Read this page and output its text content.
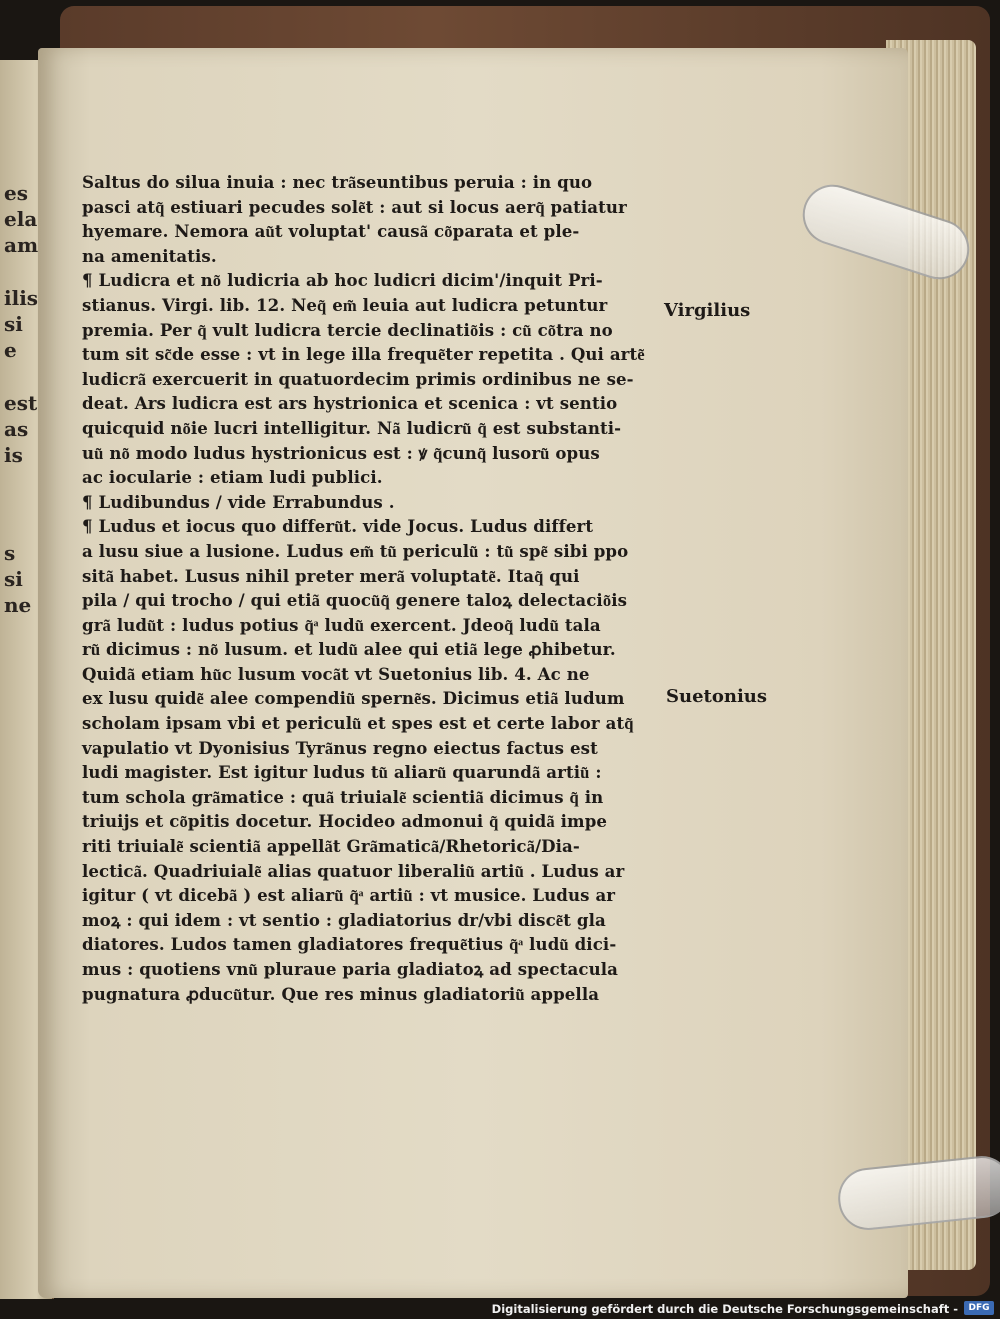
es
ela
am
ilis
si
e
est
as
is
s
si
ne
Saltus do silua inuia : nec tra͂seuntibus peruia : in quo
pasci atq͂ estiuari pecudes sole͂t : aut si locus aerq͂ patiatur
hyemare. Nemora au͂t voluptat' causa͂ co͂parata et ple-
na amenitatis.
¶ Ludicra et no͂ ludicria ab hoc ludicri dicim'/inquit Pri-
stianus. Virgi. lib. 12. Neq͂ em͂ leuia aut ludicra petuntur
premia. Per q͂ vult ludicra tercie declinatio͂is : cu͂ co͂tra no
tum sit sc͂de esse : vt in lege illa freque͂ter repetita . Qui arte͂
ludicra͂ exercuerit in quatuordecim primis ordinibus ne se-
deat. Ars ludicra est ars hystrionica et scenica : vt sentio
quicquid no͂ie lucri intelligitur. Na͂ ludicru͂ q͂ est substanti-
uu͂ no͂ modo ludus hystrionicus est : ꝟ q͂cunq͂ lusoru͂ opus
ac iocularie : etiam ludi publici.
¶ Ludibundus / vide Errabundus .
¶ Ludus et iocus quo differu͂t. vide Jocus. Ludus differt
a lusu siue a lusione. Ludus em͂ tu͂ periculu͂ : tu͂ spe͂ sibi ppo
sita͂ habet. Lusus nihil preter mera͂ voluptate͂. Itaq͂ qui
pila / qui trocho / qui etia͂ quocu͂q͂ genere taloꝝ delectacio͂is
gra͂ ludu͂t : ludus potius q͂ͣ ludu͂ exercent. Jdeoq͂ ludu͂ tala
ru͂ dicimus : no͂ lusum. et ludu͂ alee qui etia͂ lege ꝓhibetur.
Quida͂ etiam hu͂c lusum voca͂t vt Suetonius lib. 4. Ac ne
ex lusu quide͂ alee compendiu͂ sperne͂s. Dicimus etia͂ ludum
scholam ipsam vbi et periculu͂ et spes est et certe labor atq͂
vapulatio vt Dyonisius Tyra͂nus regno eiectus factus est
ludi magister. Est igitur ludus tu͂ aliaru͂ quarunda͂ artiu͂ :
tum schola gra͂matice : qua͂ triuiale͂ scientia͂ dicimus q͂ in
triuijs et co͂pitis docetur. Hocideo admonui q͂ quida͂ impe
riti triuiale͂ scientia͂ appella͂t Gra͂matica͂/Rhetorica͂/Dia-
lectica͂. Quadriuiale͂ alias quatuor liberaliu͂ artiu͂ . Ludus ar
igitur ( vt diceba͂ ) est aliaru͂ q͂ͣ artiu͂ : vt musice. Ludus ar
moꝝ : qui idem : vt sentio : gladiatorius dr/vbi disce͂t gla
diatores. Ludos tamen gladiatores freque͂tius q͂ͣ ludu͂ dici-
mus : quotiens vnu͂ pluraue paria gladiatoꝝ ad spectacula
pugnatura ꝓducu͂tur. Que res minus gladiatoriu͂ appella
Virgilius
Suetonius
Digitalisierung gefördert durch die Deutsche Forschungsgemeinschaft -	DFG
